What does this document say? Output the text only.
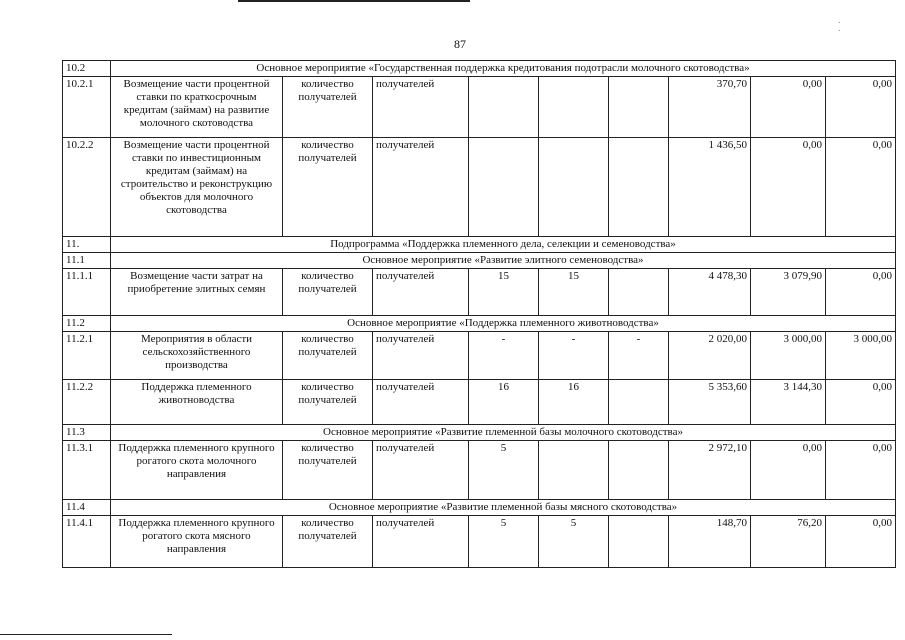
· ·
87
10.2	Основное мероприятие «Государственная поддержка кредитования подотрасли молочного скотоводства»								
10.2.1	Возмещение части процентной ставки по краткосрочным кредитам (займам) на развитие молочного скотоводства	количество получателей	получателей				370,70	0,00	0,00
10.2.2	Возмещение части процентной ставки по инвестиционным кредитам (займам) на строительство и реконструкцию объектов для молочного скотоводства	количество получателей	получателей				1 436,50	0,00	0,00
11.	Подпрограмма «Поддержка племенного дела, селекции и семеноводства»								
11.1	Основное мероприятие «Развитие элитного семеноводства»								
11.1.1	Возмещение части затрат на приобретение элитных семян	количество получателей	получателей	15	15		4 478,30	3 079,90	0,00
11.2	Основное мероприятие «Поддержка племенного животноводства»								
11.2.1	Мероприятия в области сельскохозяйственного производства	количество получателей	получателей	-	-	-	2 020,00	3 000,00	3 000,00
11.2.2	Поддержка племенного животноводства	количество получателей	получателей	16	16		5 353,60	3 144,30	0,00
11.3	Основное мероприятие «Развитие племенной базы молочного скотоводства»								
11.3.1	Поддержка племенного крупного рогатого скота молочного направления	количество получателей	получателей	5			2 972,10	0,00	0,00
11.4	Основное мероприятие «Развитие племенной базы мясного скотоводства»								
11.4.1	Поддержка племенного крупного рогатого скота мясного направления	количество получателей	получателей	5	5		148,70	76,20	0,00
